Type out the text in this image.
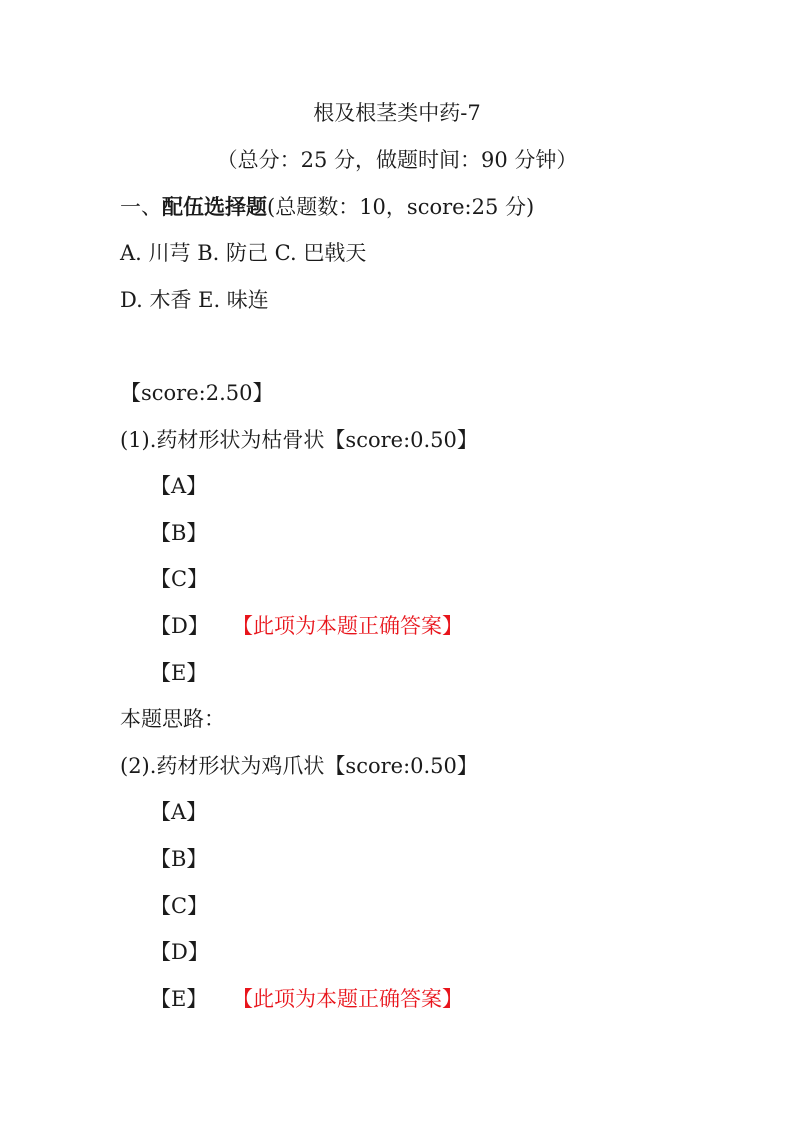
根及根茎类中药-7
（总分：25 分，做题时间：90 分钟）
一、配伍选择题(总题数：10，score:25 分)
A. 川芎 B. 防己 C. 巴戟天
D. 木香 E. 味连
【score:2.50】
(1).药材形状为枯骨状【score:0.50】
【A】
【B】
【C】
【D】 【此项为本题正确答案】
【E】
本题思路：
(2).药材形状为鸡爪状【score:0.50】
【A】
【B】
【C】
【D】
【E】 【此项为本题正确答案】
